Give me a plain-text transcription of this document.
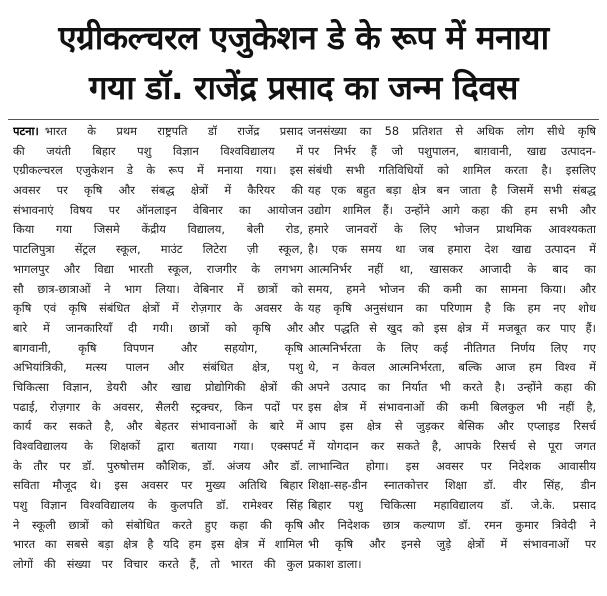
एग्रीकल्चरल एजुकेशन डे के रूप में मनाया
गया डॉ. राजेंद्र प्रसाद का जन्म दिवस
पटना। भारत के प्रथम राष्ट्रपति डॉ राजेंद्र प्रसाद
की जयंती बिहार पशु विज्ञान विश्वविद्यालय में
एग्रीकल्चरल एजुकेशन डे के रूप में मनाया गया। इस
अवसर पर कृषि और संबद्ध क्षेत्रों में कैरियर की
संभावनाएं विषय पर ऑनलाइन वेबिनार का आयोजन
किया गया जिसमे केंद्रीय विद्यालय, बेली रोड,
पाटलिपुत्रा सेंट्रल स्कूल, माउंट लिटेरा ज़ी स्कूल,
भागलपुर और विद्या भारती स्कूल, राजगीर के लगभग
सौ छात्र-छात्राओं ने भाग लिया। वेबिनार में छात्रों को
कृषि एवं कृषि संबंधित क्षेत्रों में रोज़गार के अवसर के
बारे में जानकारियाँ दी गयी। छात्रों को कृषि और
बागवानी, कृषि विपणन और सहयोग, कृषि
अभियांत्रिकी, मत्स्य पालन और संबंधित क्षेत्र, पशु
चिकित्सा विज्ञान, डेयरी और खाद्य प्रोद्योगिकी क्षेत्रों की
पढाई, रोज़गार के अवसर, सैलरी स्ट्रक्चर, किन पदों पर
कार्य कर सकते है, और बेहतर संभावनाओं के बारे में
विश्वविद्यालय के शिक्षकों द्वारा बताया गया। एक्सपर्ट
के तौर पर डॉ. पुरुषोत्तम कौशिक, डॉ. अंजय और डॉ.
सविता मौजूद थे। इस अवसर पर मुख्य अतिथि बिहार
पशु विज्ञान विश्वविद्यालय के कुलपति डॉ. रामेश्वर सिंह
ने स्कूली छात्रों को संबोधित करते हुए कहा की कृषि
भारत का सबसे बड़ा क्षेत्र है यदि हम इस क्षेत्र में शामिल
लोगों की संख्या पर विचार करते हैं, तो भारत की कुल
जनसंख्या का 58 प्रतिशत से अधिक लोग सीधे कृषि
पर निर्भर हैं जो पशुपालन, बाग़वानी, खाद्य उत्पादन-
संबंधी सभी गतिविधियों को शामिल करता है। इसलिए
यह एक बहुत बड़ा क्षेत्र बन जाता है जिसमें सभी संबद्ध
उद्योग शामिल हैं। उन्होंने आगे कहा की हम सभी और
हमारे जानवरों के लिए भोजन प्राथमिक आवश्यकता
है। एक समय था जब हमारा देश खाद्य उत्पादन में
आत्मनिर्भर नहीं था, खासकर आजादी के बाद का
समय, हमने भोजन की कमी का सामना किया। और
यह कृषि अनुसंधान का परिणाम है कि हम नए शोध
और पद्धति से खुद को इस क्षेत्र में मजबूत कर पाए हैं।
आत्मनिर्भरता के लिए कई नीतिगत निर्णय लिए गए
थे, न केवल आत्मनिर्भरता, बल्कि आज हम विश्व में
अपने उत्पाद का निर्यात भी करते है। उन्होंने कहा की
इस क्षेत्र में संभावनाओं की कमी बिलकुल भी नहीं है,
आप इस क्षेत्र से जुड़कर बेसिक और एप्लाइड रिसर्च
में योगदान कर सकते है, आपके रिसर्च से पूरा जगत
लाभान्वित होगा। इस अवसर पर निदेशक आवासीय
शिक्षा-सह-डीन स्नातकोत्तर शिक्षा डॉ. वीर सिंह, डीन
बिहार पशु चिकित्सा महाविद्यालय डॉ. जे.के. प्रसाद
और निदेशक छात्र कल्याण डॉ. रमन कुमार त्रिवेदी ने
भी कृषि और इनसे जुड़े क्षेत्रों में संभावनाओं पर
प्रकाश डाला।
